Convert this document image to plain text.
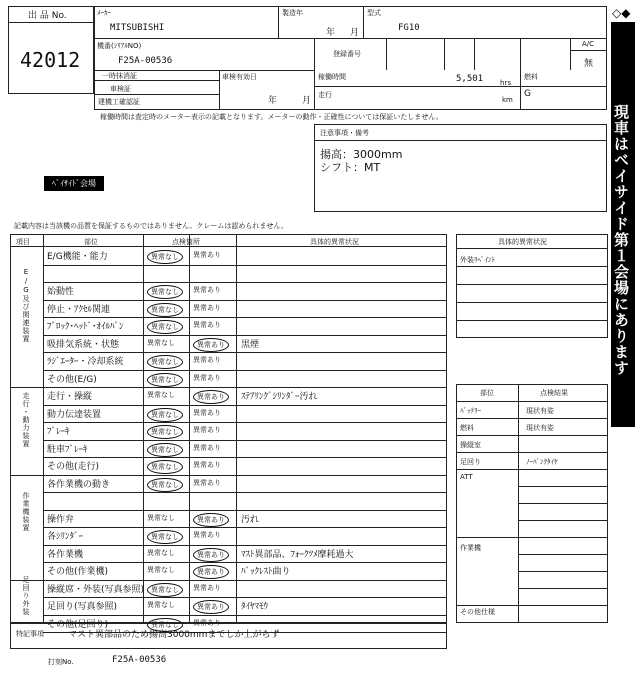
出 品 No.
42012
ﾒｰｶｰ
MITSUBISHI
製造年
年 月
型式
FG10
機番(ｼﾘｱﾙNO)
F25A-00536
登録番号
A/C
無
一時抹消証
車検証
建機工確認証
車検有効日
年	月
稼働時間	5,501 hrs
走行
km
燃料
G
稼働時間は査定時のメーター表示の記載となります。メーターの動作・正確性については保証いたしません。
注意事項・備考
揚高：3000mm
シフト：MT
ﾍﾞｲｻｲﾄﾞ会場
記載内容は当該機の品質を保証するものではありません。クレームは認められません。
項目	部位	点検箇所	具体的異常状況
E/G機能・能力	異常なし	異常あり
始動性	異常なし	異常あり
停止・ｱｸｾﾙ関連	異常なし	異常あり
ﾌﾞﾛｯｸ･ﾍｯﾄﾞ･ｵｲﾙﾊﾟﾝ	異常なし	異常あり
吸排気系統・状態	異常なし	異常あり	黒煙
ﾗｼﾞｴｰﾀｰ・冷却系統	異常なし	異常あり
その他(E/G)	異常なし	異常あり
走行・操縦	異常なし	異常あり	ｽﾃｱﾘﾝｸﾞｼﾘﾝﾀﾞｰ汚れ
動力伝達装置	異常なし	異常あり
ﾌﾞﾚｰｷ	異常なし	異常あり
駐車ﾌﾞﾚｰｷ	異常なし	異常あり
その他(走行)	異常なし	異常あり
各作業機の動き	異常なし	異常あり
操作弁	異常なし	異常あり	汚れ
各ｼﾘﾝﾀﾞｰ	異常なし	異常あり
各作業機	異常なし	異常あり	ﾏｽﾄ異部品、ﾌｫｰｸﾂﾒ摩耗過大
その他(作業機)	異常なし	異常あり	ﾊﾞｯｸﾚｽﾄ曲り
操縦席・外装(写真参照) 異常なし	異常あり
足回り(写真参照)	異常なし	異常あり	ﾀｲﾔﾏﾓｳ
その他(足回り)	異常なし	異常あり
E/G及び関連装置
走行・動力装置
作業機装置
足回り外装
具体的異常状況
外装ﾘﾍﾟｲﾝﾄ
部位	点検結果
ﾊﾞｯﾃﾘｰ	現状有姿
燃料	現状有姿
操縦室
足回り	ﾉｰﾊﾟﾝｸﾀｲﾔ
ATT
作業機
その他仕様
特記事項	マスト異部品のため揚高3000mmまでしか上がらず
打刻No.	F25A-00536
◇◆
現車はベイサイド第１会場にあります
◆◇
